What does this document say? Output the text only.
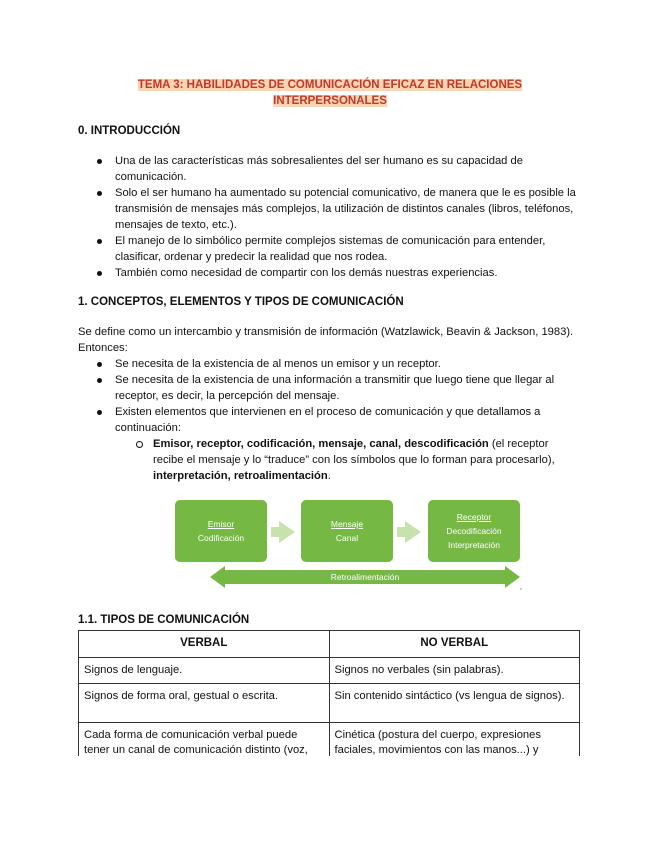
TEMA 3: HABILIDADES DE COMUNICACIÓN EFICAZ EN RELACIONES
INTERPERSONALES
0. INTRODUCCIÓN
Una de las características más sobresalientes del ser humano es su capacidad de comunicación.
Solo el ser humano ha aumentado su potencial comunicativo, de manera que le es posible la transmisión de mensajes más complejos, la utilización de distintos canales (libros, teléfonos, mensajes de texto, etc.).
El manejo de lo simbólico permite complejos sistemas de comunicación para entender, clasificar, ordenar y predecir la realidad que nos rodea.
También como necesidad de compartir con los demás nuestras experiencias.
1. CONCEPTOS, ELEMENTOS Y TIPOS DE COMUNICACIÓN

Se define como un intercambio y transmisión de información (Watzlawick, Beavin & Jackson, 1983). Entonces:

Se necesita de la existencia de al menos un emisor y un receptor.
Se necesita de la existencia de una información a transmitir que luego tiene que llegar al receptor, es decir, la percepción del mensaje.
Existen elementos que intervienen en el proceso de comunicación y que detallamos a continuación:
Emisor, receptor, codificación, mensaje, canal, descodificación (el receptor recibe el mensaje y lo “traduce” con los símbolos que lo forman para procesarlo), interpretación, retroalimentación.
Emisor
Codificación
Mensaje
Canal
Receptor
Decodificación
Interpretación
Retroalimentación
1.1. TIPOS DE COMUNICACIÓN
VERBAL	NO VERBAL
Signos de lenguaje.	Signos no verbales (sin palabras).
Signos de forma oral, gestual o escrita.	Sin contenido sintáctico (vs lengua de signos).
Cada forma de comunicación verbal puede tener un canal de comunicación distinto (voz,	Cinética (postura del cuerpo, expresiones faciales, movimientos con las manos...) y
